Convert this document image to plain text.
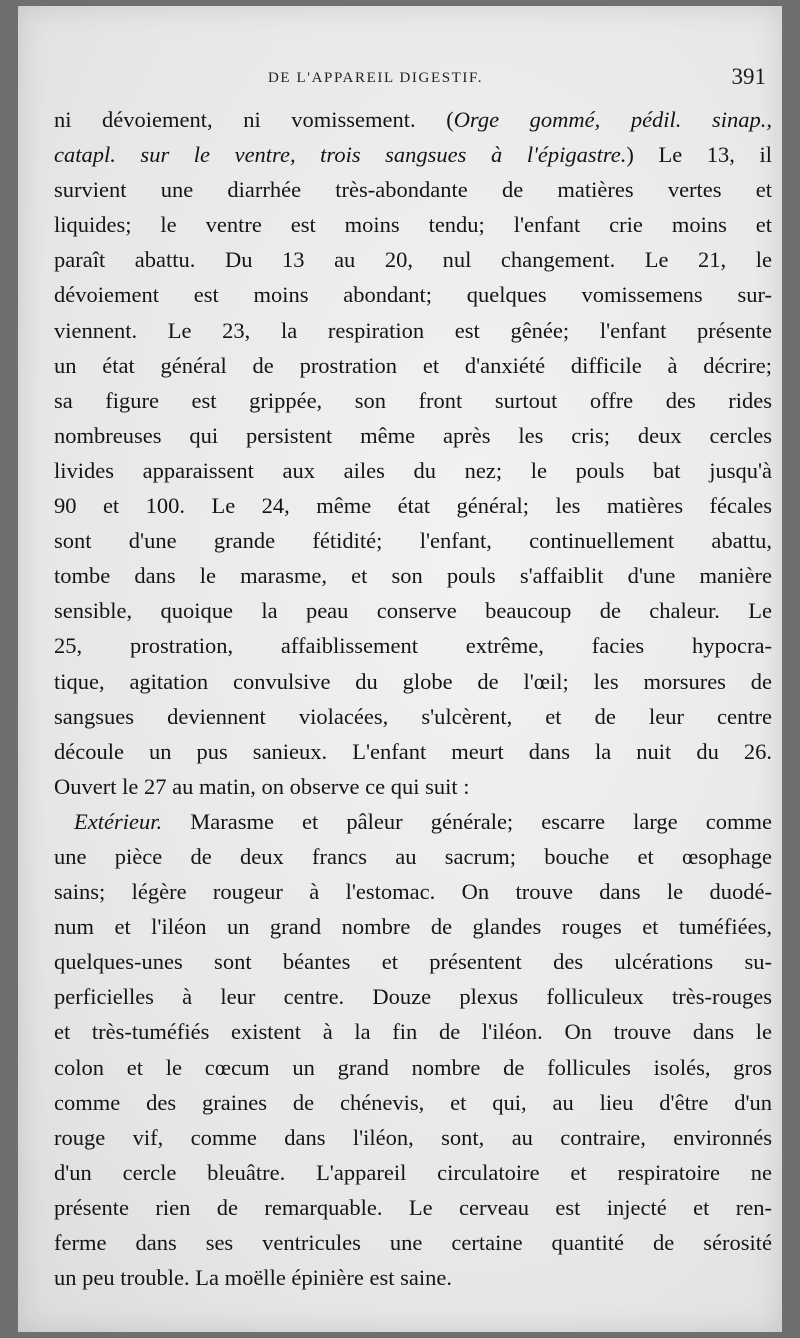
DE L'APPAREIL DIGESTIF.	391
ni dévoiement, ni vomissement. (Orge gommé, pédil. sinap.,
catapl. sur le ventre, trois sangsues à l'épigastre.) Le 13, il
survient une diarrhée très-abondante de matières vertes et
liquides; le ventre est moins tendu; l'enfant crie moins et
paraît abattu. Du 13 au 20, nul changement. Le 21, le
dévoiement est moins abondant; quelques vomissemens sur-
viennent. Le 23, la respiration est gênée; l'enfant présente
un état général de prostration et d'anxiété difficile à décrire;
sa figure est grippée, son front surtout offre des rides
nombreuses qui persistent même après les cris; deux cercles
livides apparaissent aux ailes du nez; le pouls bat jusqu'à
90 et 100. Le 24, même état général; les matières fécales
sont d'une grande fétidité; l'enfant, continuellement abattu,
tombe dans le marasme, et son pouls s'affaiblit d'une manière
sensible, quoique la peau conserve beaucoup de chaleur. Le
25, prostration, affaiblissement extrême, facies hypocra-
tique, agitation convulsive du globe de l'œil; les morsures de
sangsues deviennent violacées, s'ulcèrent, et de leur centre
découle un pus sanieux. L'enfant meurt dans la nuit du 26.
Ouvert le 27 au matin, on observe ce qui suit :
Extérieur. Marasme et pâleur générale; escarre large comme
une pièce de deux francs au sacrum; bouche et œsophage
sains; légère rougeur à l'estomac. On trouve dans le duodé-
num et l'iléon un grand nombre de glandes rouges et tuméfiées,
quelques-unes sont béantes et présentent des ulcérations su-
perficielles à leur centre. Douze plexus folliculeux très-rouges
et très-tuméfiés existent à la fin de l'iléon. On trouve dans le
colon et le cœcum un grand nombre de follicules isolés, gros
comme des graines de chénevis, et qui, au lieu d'être d'un
rouge vif, comme dans l'iléon, sont, au contraire, environnés
d'un cercle bleuâtre. L'appareil circulatoire et respiratoire ne
présente rien de remarquable. Le cerveau est injecté et ren-
ferme dans ses ventricules une certaine quantité de sérosité
un peu trouble. La moëlle épinière est saine.
